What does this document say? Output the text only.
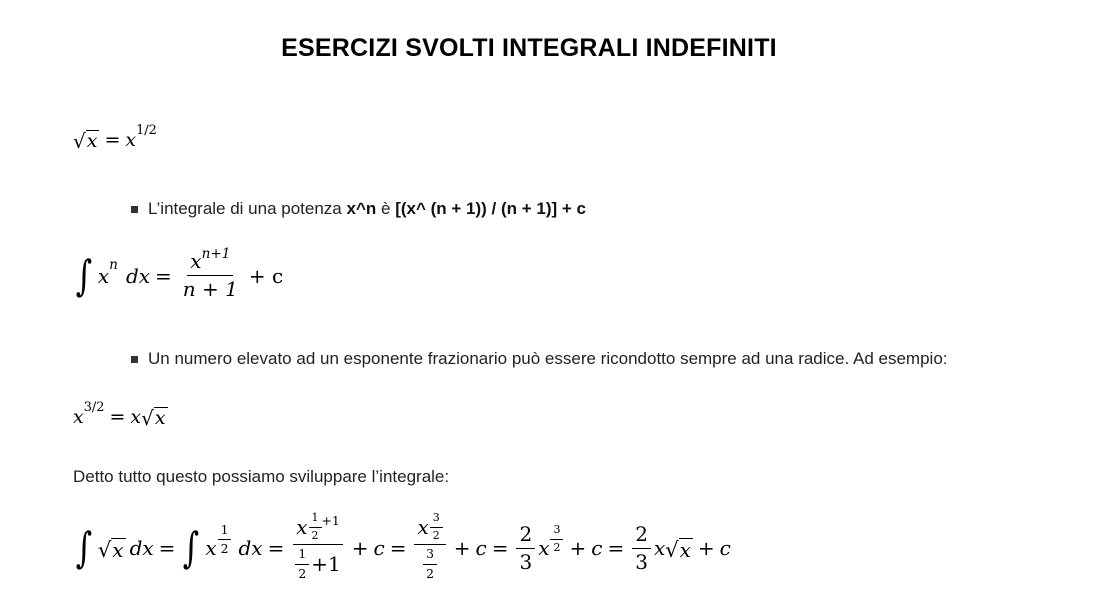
ESERCIZI SVOLTI INTEGRALI INDEFINITI
√ x = x 1/2
L’integrale di una potenza x^n è [(x^ (n + 1)) / (n + 1)] + c
∫ x n dx = $\frac{x^{n+1}}{n + 1} + c$
Un numero elevato ad un esponente frazionario può essere ricondotto sempre ad una radice. Ad esempio:
x 3/2 = x √ x
Detto tutto questo possiamo sviluppare l’integrale:
∫ √ x dx = ∫ x $\frac{1}{2}$ dx = $\frac{x \frac{1}{2} +1}{\frac{1}{2} +1} + c = \frac{x \frac{3}{2}}{\frac{3}{2}} + c = \frac{2}{3}$ x $\frac{3}{2} + c = \frac{2}{3}$ x √ x + c
